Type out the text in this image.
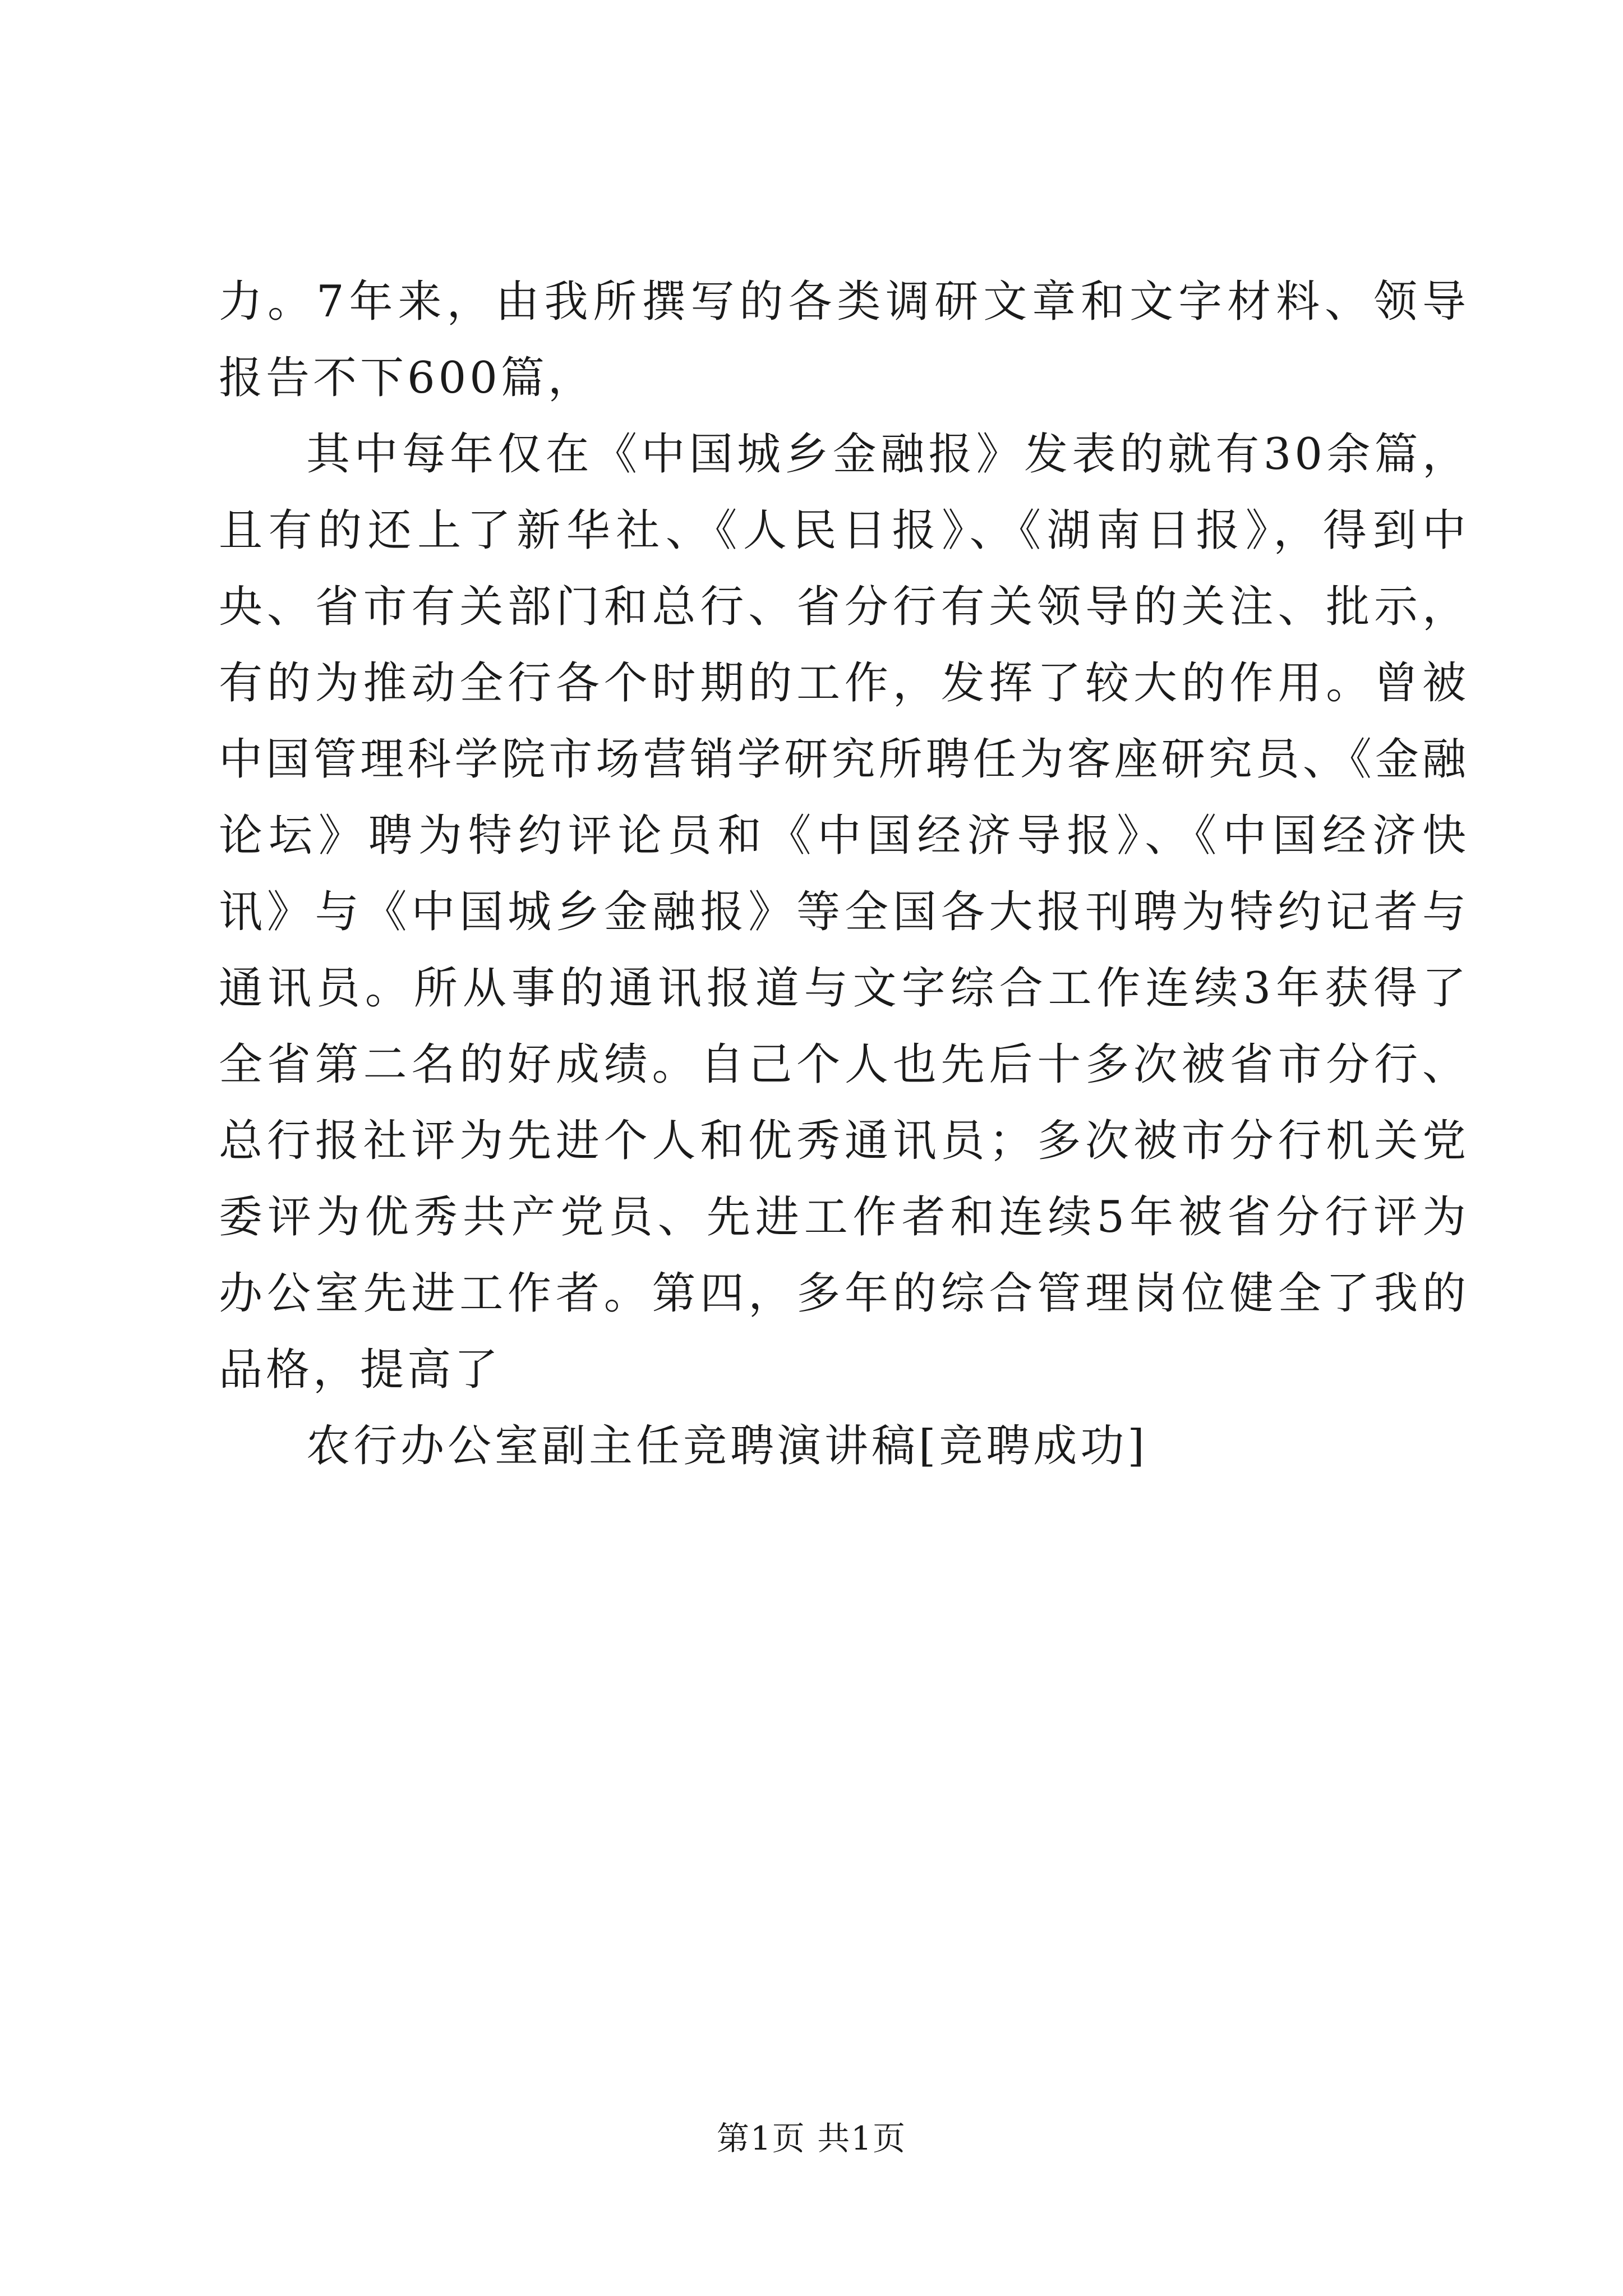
力。7年来，由我所撰写的各类调研文章和文字材料、领导报告不下600篇，

其中每年仅在《中国城乡金融报》发表的就有30余篇，且有的还上了新华社、《人民日报》、《湖南日报》，得到中央、省市有关部门和总行、省分行有关领导的关注、批示，有的为推动全行各个时期的工作，发挥了较大的作用。曾被中国管理科学院市场营销学研究所聘任为客座研究员、《金融论坛》聘为特约评论员和《中国经济导报》、《中国经济快讯》与《中国城乡金融报》等全国各大报刊聘为特约记者与通讯员。所从事的通讯报道与文字综合工作连续3年获得了全省第二名的好成绩。自己个人也先后十多次被省市分行、总行报社评为先进个人和优秀通讯员；多次被市分行机关党委评为优秀共产党员、先进工作者和连续5年被省分行评为办公室先进工作者。第四，多年的综合管理岗位健全了我的品格，提高了

农行办公室副主任竞聘演讲稿[竞聘成功]

第1页 共1页
